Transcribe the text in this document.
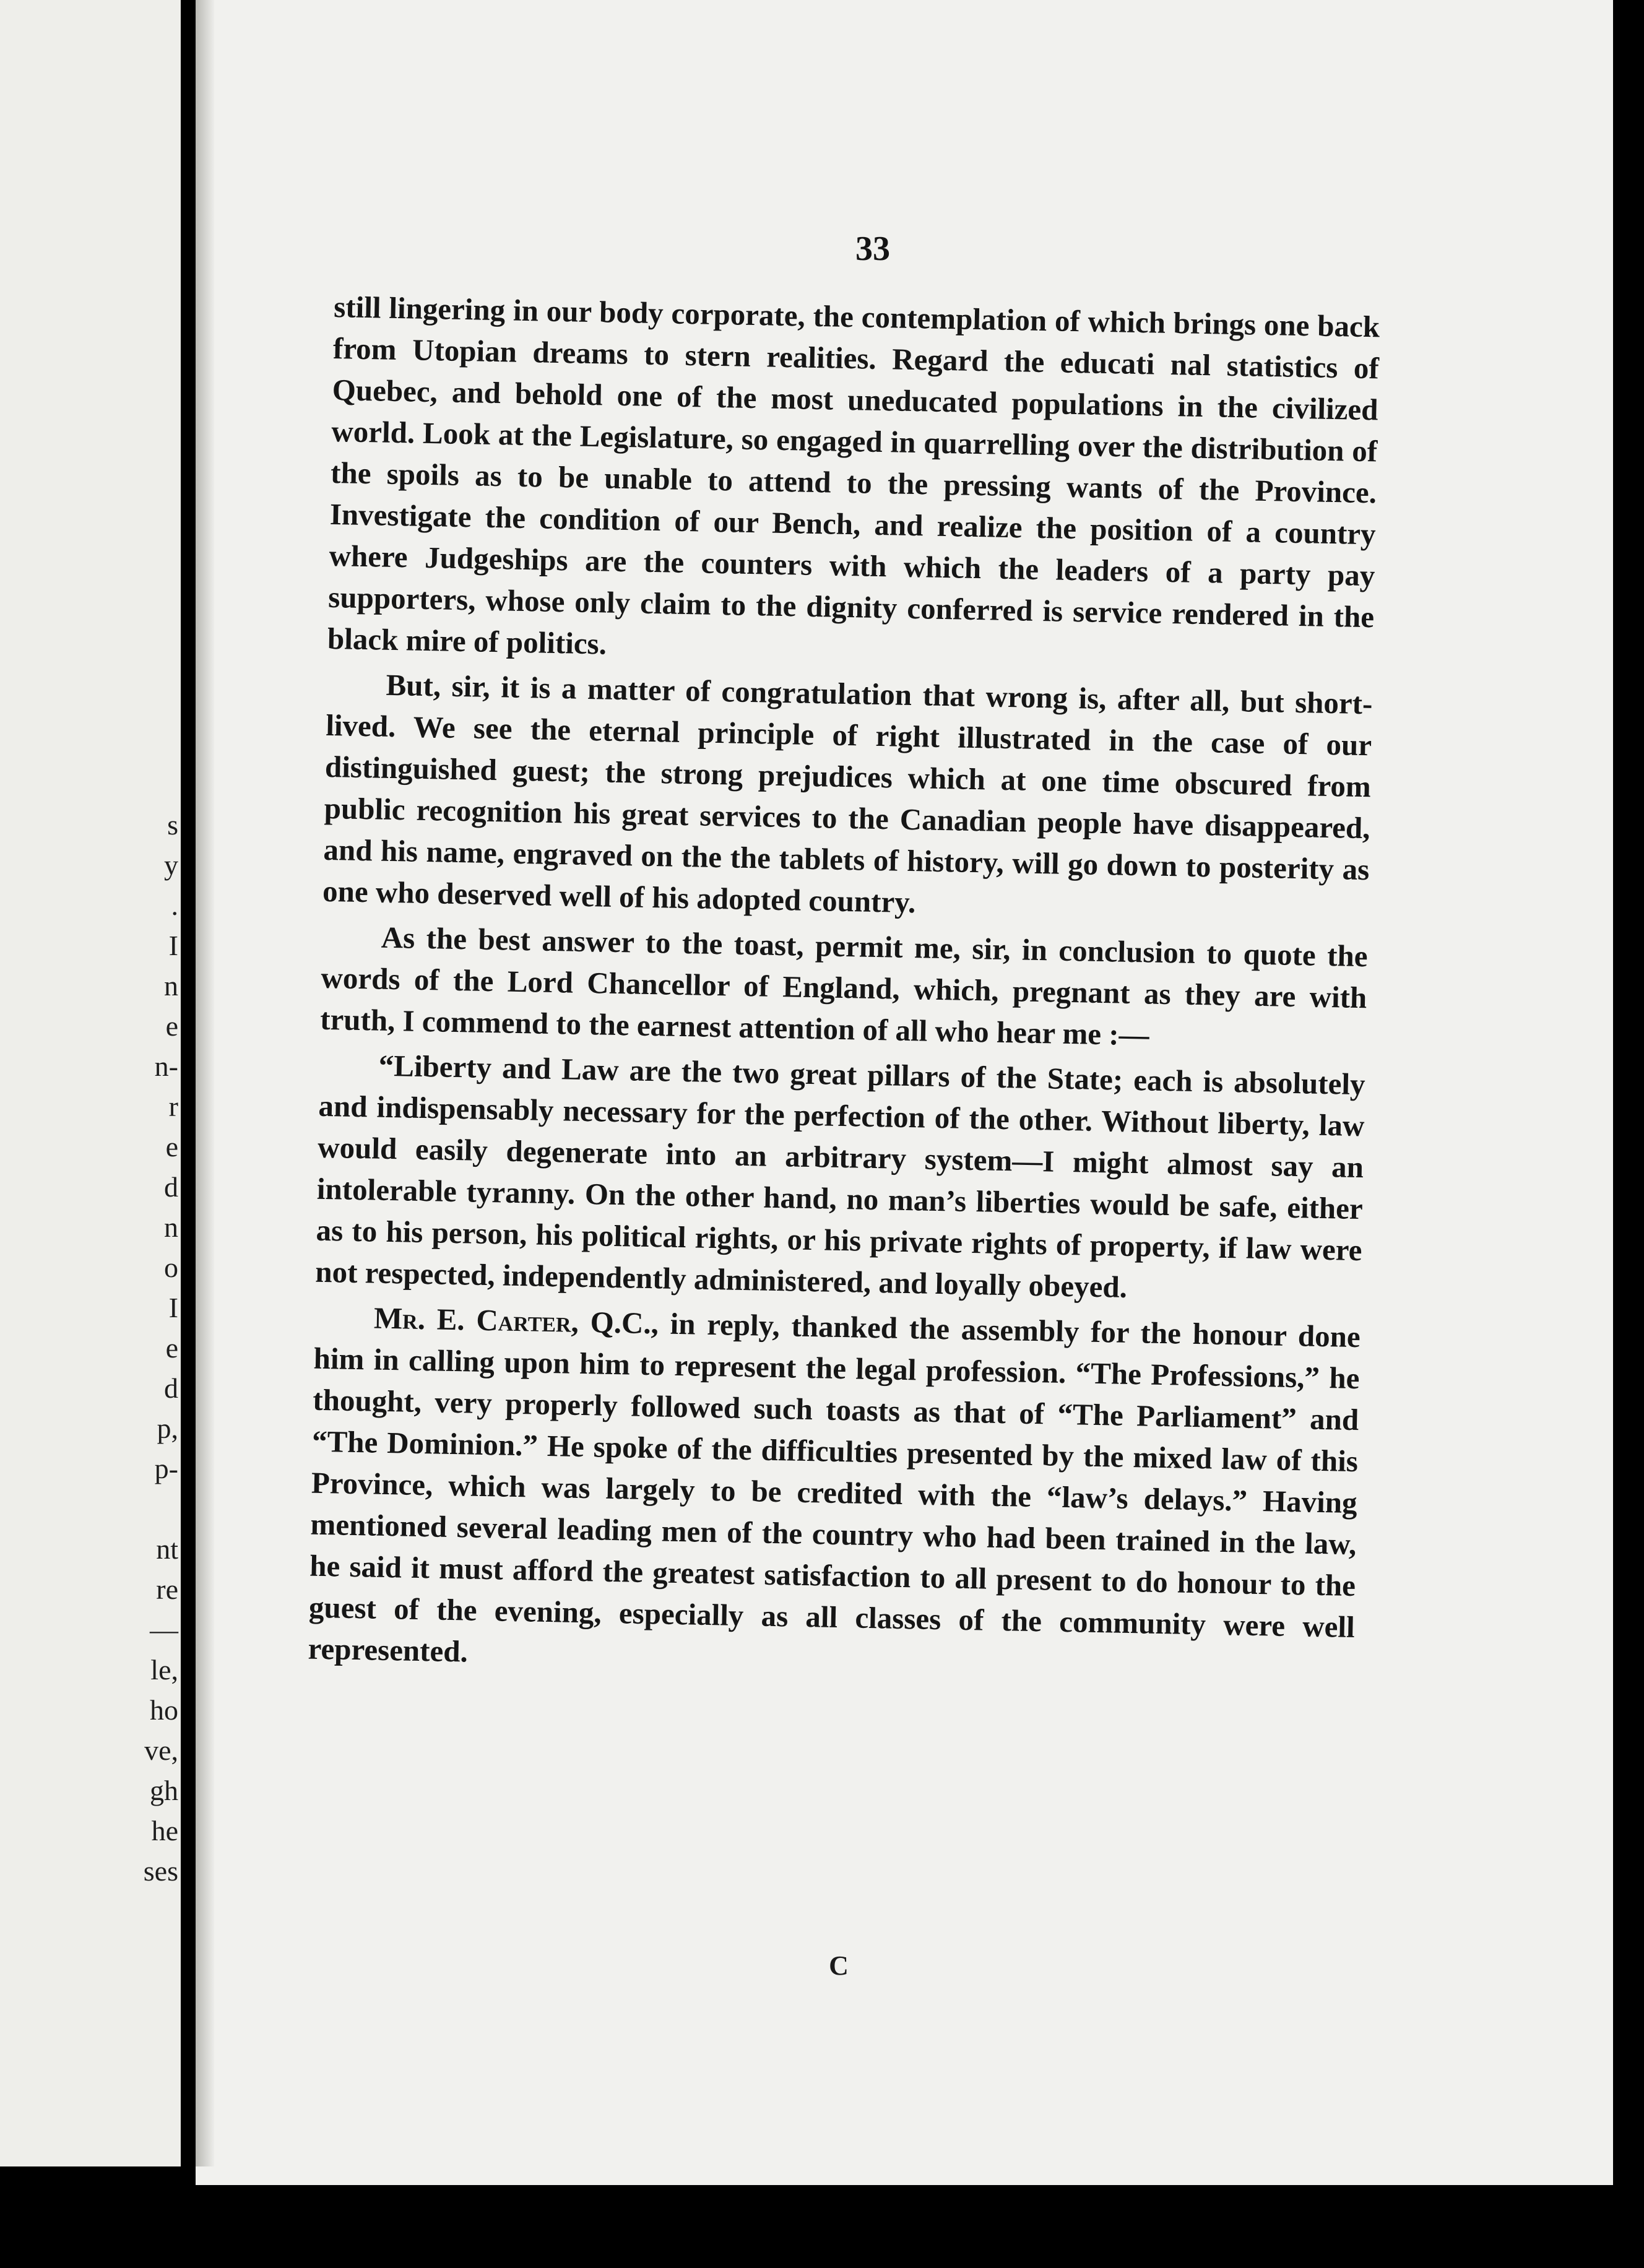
s
y
.
I
n
e
n-
r
e
d
n
o
I
e
d
p,
p-

nt
re
—
le,
ho
ve,
gh
he
ses

33

still lingering in our body corporate, the contemplation of which brings one back from Utopian dreams to stern realities. Regard the educati nal statistics of Quebec, and behold one of the most uneducated populations in the civilized world. Look at the Legislature, so engaged in quarrelling over the distribution of the spoils as to be unable to attend to the pressing wants of the Province. Investigate the condition of our Bench, and realize the position of a country where Judgeships are the counters with which the leaders of a party pay supporters, whose only claim to the dignity conferred is service rendered in the black mire of politics.

But, sir, it is a matter of congratulation that wrong is, after all, but short-lived. We see the eternal principle of right illustrated in the case of our distinguished guest; the strong prejudices which at one time obscured from public recognition his great services to the Canadian people have disappeared, and his name, engraved on the the tablets of history, will go down to posterity as one who deserved well of his adopted country.

As the best answer to the toast, permit me, sir, in conclusion to quote the words of the Lord Chancellor of England, which, pregnant as they are with truth, I commend to the earnest attention of all who hear me :—

“Liberty and Law are the two great pillars of the State; each is absolutely and indispensably necessary for the perfection of the other. Without liberty, law would easily degenerate into an arbitrary system—I might almost say an intolerable tyranny. On the other hand, no man’s liberties would be safe, either as to his person, his political rights, or his private rights of property, if law were not respected, independently administered, and loyally obeyed.

Mr. E. Carter, Q.C., in reply, thanked the assembly for the honour done him in calling upon him to represent the legal profession. “The Professions,” he thought, very properly followed such toasts as that of “The Parliament” and “The Dominion.” He spoke of the difficulties presented by the mixed law of this Province, which was largely to be credited with the “law’s delays.” Having mentioned several leading men of the country who had been trained in the law, he said it must afford the greatest satisfaction to all present to do honour to the guest of the evening, especially as all classes of the community were well represented.

C
